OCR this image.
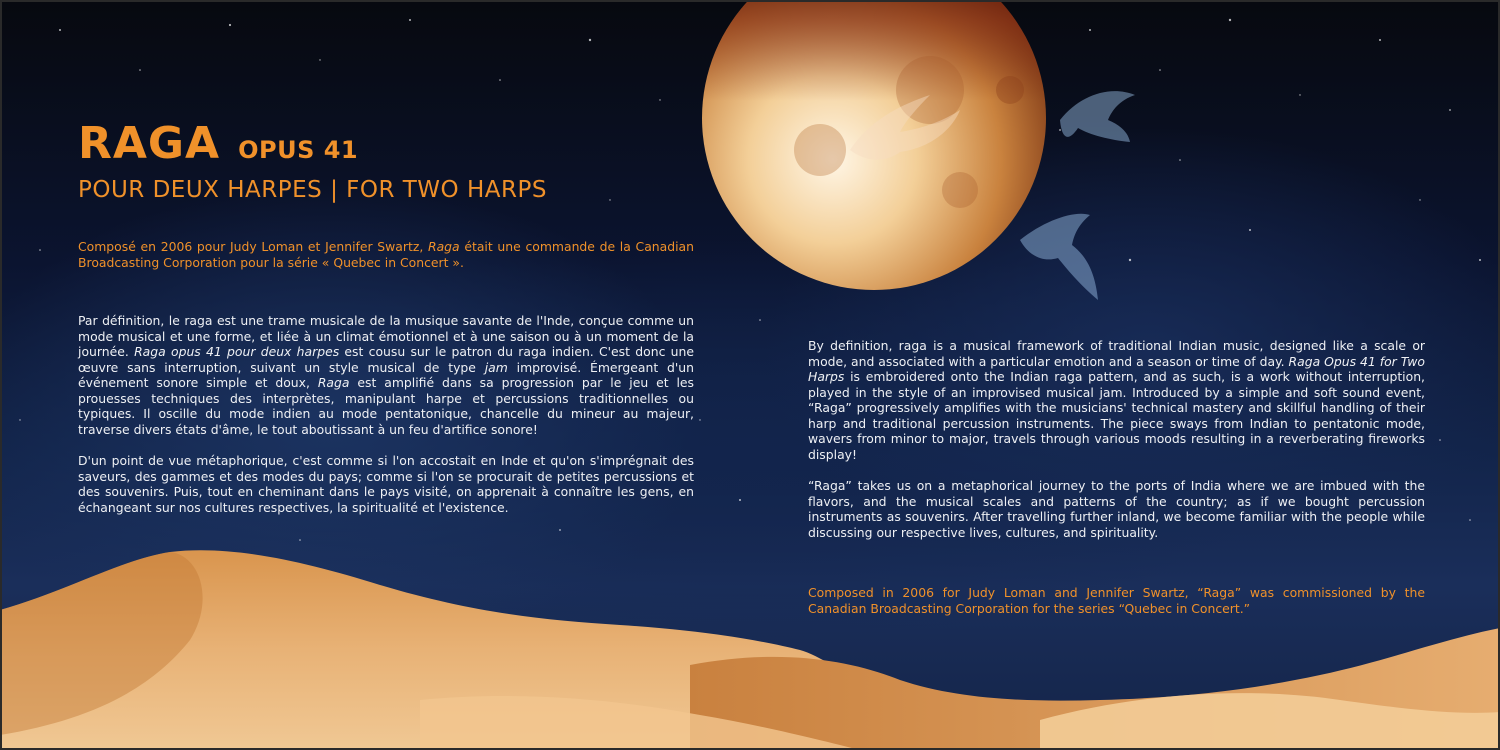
RAGA OPUS 41
POUR DEUX HARPES | FOR TWO HARPS
Composé en 2006 pour Judy Loman et Jennifer Swartz, Raga était une commande de la Canadian Broadcasting Corporation pour la série « Quebec in Concert ».

Par définition, le raga est une trame musicale de la musique savante de l'Inde, conçue comme un mode musical et une forme, et liée à un climat émotionnel et à une saison ou à un moment de la journée. Raga opus 41 pour deux harpes est cousu sur le patron du raga indien. C'est donc une œuvre sans interruption, suivant un style musical de type jam improvisé. Émergeant d'un événement sonore simple et doux, Raga est amplifié dans sa progression par le jeu et les prouesses techniques des interprètes, manipulant harpe et percussions traditionnelles ou typiques. Il oscille du mode indien au mode pentatonique, chancelle du mineur au majeur, traverse divers états d'âme, le tout aboutissant à un feu d'artifice sonore!

D'un point de vue métaphorique, c'est comme si l'on accostait en Inde et qu'on s'imprégnait des saveurs, des gammes et des modes du pays; comme si l'on se procurait de petites percussions et des souvenirs. Puis, tout en cheminant dans le pays visité, on apprenait à connaître les gens, en échangeant sur nos cultures respectives, la spiritualité et l'existence.

By definition, raga is a musical framework of traditional Indian music, designed like a scale or mode, and associated with a particular emotion and a season or time of day. Raga Opus 41 for Two Harps is embroidered onto the Indian raga pattern, and as such, is a work without interruption, played in the style of an improvised musical jam. Introduced by a simple and soft sound event, “Raga” progressively amplifies with the musicians' technical mastery and skillful handling of their harp and traditional percussion instruments. The piece sways from Indian to pentatonic mode, wavers from minor to major, travels through various moods resulting in a reverberating fireworks display!

“Raga” takes us on a metaphorical journey to the ports of India where we are imbued with the flavors, and the musical scales and patterns of the country; as if we bought percussion instruments as souvenirs. After travelling further inland, we become familiar with the people while discussing our respective lives, cultures, and spirituality.

Composed in 2006 for Judy Loman and Jennifer Swartz, “Raga” was commissioned by the Canadian Broadcasting Corporation for the series “Quebec in Concert.”
